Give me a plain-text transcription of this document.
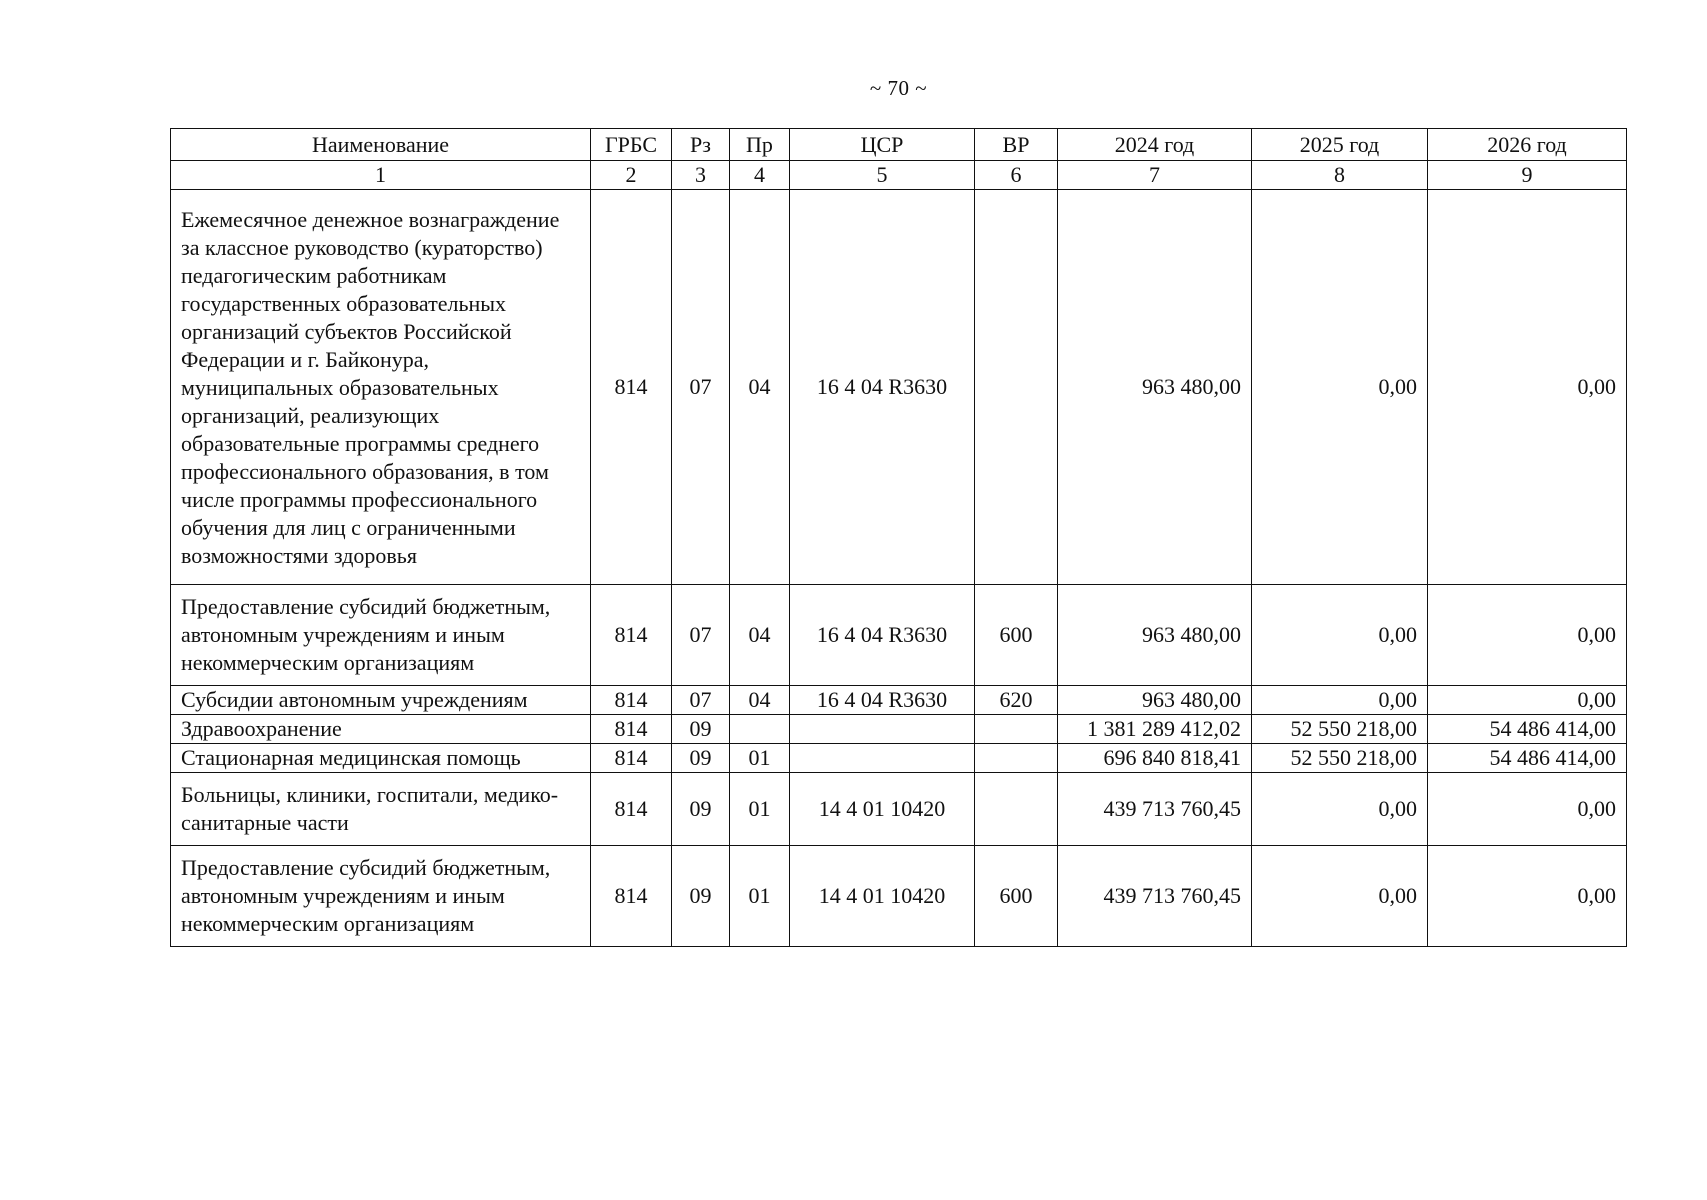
~ 70 ~
Наименование	ГРБС	Рз	Пр	ЦСР	ВР	2024 год	2025 год	2026 год
1	2	3	4	5	6	7	8	9
Ежемесячное денежное вознаграждение за классное руководство (кураторство) педагогическим работникам государственных образовательных организаций субъектов Российской Федерации и г. Байконура, муниципальных образовательных организаций, реализующих образовательные программы среднего профессионального образования, в том числе программы профессионального обучения для лиц с ограниченными возможностями здоровья	814	07	04	16 4 04 R3630		963 480,00	0,00	0,00
Предоставление субсидий бюджетным, автономным учреждениям и иным некоммерческим организациям	814	07	04	16 4 04 R3630	600	963 480,00	0,00	0,00
Субсидии автономным учреждениям	814	07	04	16 4 04 R3630	620	963 480,00	0,00	0,00
Здравоохранение	814	09				1 381 289 412,02	52 550 218,00	54 486 414,00
Стационарная медицинская помощь	814	09	01			696 840 818,41	52 550 218,00	54 486 414,00
Больницы, клиники, госпитали, медико-санитарные части	814	09	01	14 4 01 10420		439 713 760,45	0,00	0,00
Предоставление субсидий бюджетным, автономным учреждениям и иным некоммерческим организациям	814	09	01	14 4 01 10420	600	439 713 760,45	0,00	0,00
